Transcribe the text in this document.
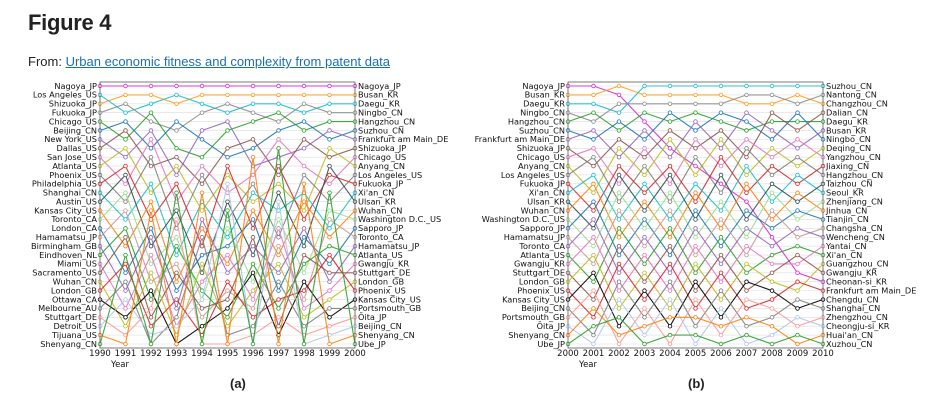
Figure 4
From: Urban economic fitness and complexity from patent data
Nagoya_JP
Los Angeles_US
Shizuoka_JP
Fukuoka_JP
Chicago_US
Beijing_CN
New York_US
Dallas_US
San Jose_US
Atlanta_US
Phoenix_US
Philadelphia_US
Shanghai_CN
Austin_US
Kansas City_US
Toronto_CA
London_CA
Hamamatsu_JP
Birmingham_GB
Eindhoven_NL
Miami_US
Sacramento_US
Wuhan_CN
London_GB
Ottawa_CA
Melbourne_AU
Stuttgart_DE
Detroit_US
Tijuana_US
Shenyang_CN
Nagoya_JP
Busan_KR
Daegu_KR
Ningbo_CN
Hangzhou_CN
Suzhou_CN
Frankfurt am Main_DE
Shizuoka_JP
Chicago_US
Anyang_CN
Los Angeles_US
Fukuoka_JP
Xi'an_CN
Ulsan_KR
Wuhan_CN
Washington D.C._US
Sapporo_JP
Toronto_CA
Hamamatsu_JP
Atlanta_US
Gwangju_KR
Stuttgart_DE
London_GB
Phoenix_US
Kansas City_US
Portsmouth_GB
Ōita_JP
Beijing_CN
Shenyang_CN
Ube_JP
1990 1991 1992 1993 1994 1995 1996 1997 1998 1999 2000
Year
Nagoya_JP
Busan_KR
Daegu_KR
Ningbo_CN
Hangzhou_CN
Suzhou_CN
Frankfurt am Main_DE
Shizuoka_JP
Chicago_US
Anyang_CN
Los Angeles_US
Fukuoka_JP
Xi'an_CN
Ulsan_KR
Wuhan_CN
Washington D.C._US
Sapporo_JP
Hamamatsu_JP
Toronto_CA
Atlanta_US
Gwangju_KR
Stuttgart_DE
London_GB
Phoenix_US
Kansas City_US
Beijing_CN
Portsmouth_GB
Ōita_JP
Shenyang_CN
Ube_JP
Suzhou_CN
Nantong_CN
Changzhou_CN
Dalian_CN
Daegu_KR
Busan_KR
Ningbo_CN
Deqing_CN
Yangzhou_CN
Jiaxing_CN
Hangzhou_CN
Taizhou_CN
Seoul_KR
Zhenjiang_CN
Jinhua_CN
Tianjin_CN
Changsha_CN
Wencheng_CN
Yantai_CN
Xi'an_CN
Guangzhou_CN
Gwangju_KR
Cheonan-si_KR
Frankfurt am Main_DE
Chengdu_CN
Shanghai_CN
Zhengzhou_CN
Cheongju-si_KR
Huai'an_CN
Xuzhou_CN
2000 2001 2002 2003 2004 2005 2006 2007 2008 2009 2010
Year
(a)	(b)
